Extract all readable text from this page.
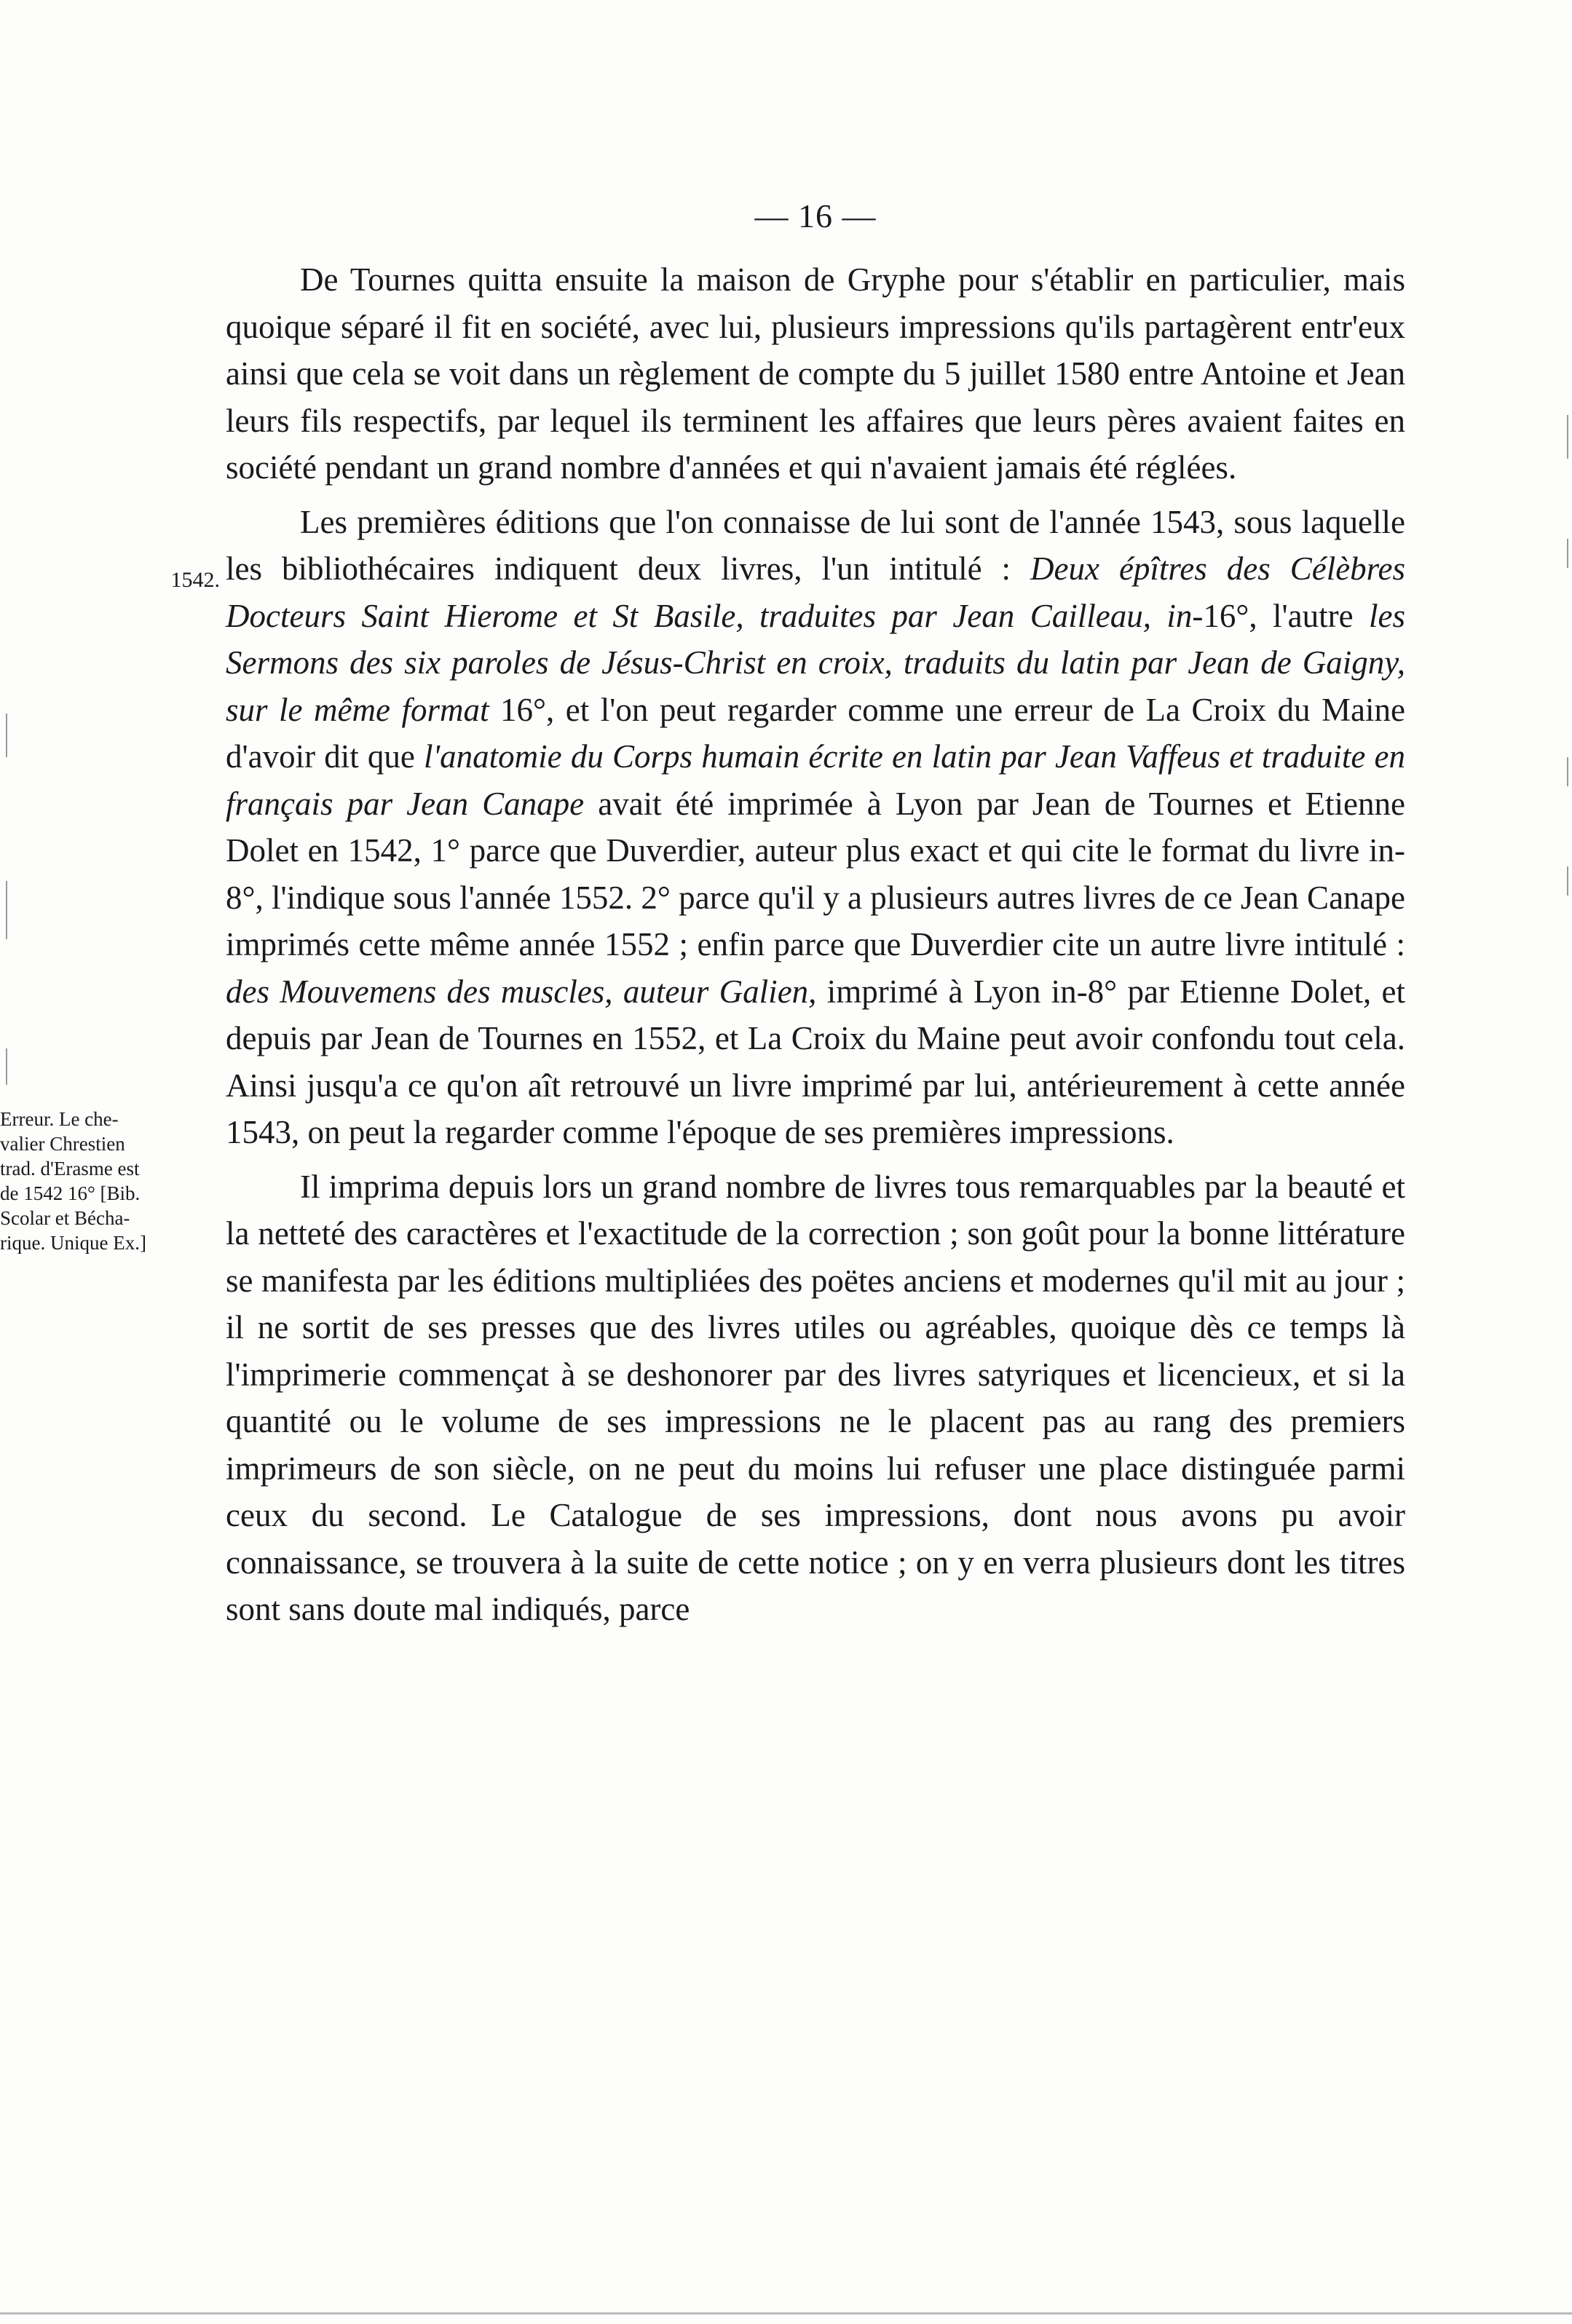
— 16 —
1542.
Erreur. Le che-
valier Chrestien
trad. d'Erasme est
de 1542 16° [Bib.
Scolar et Bécha-
rique. Unique Ex.]

De Tournes quitta ensuite la maison de Gryphe pour s'établir en particulier, mais quoique séparé il fit en société, avec lui, plusieurs impressions qu'ils partagèrent entr'eux ainsi que cela se voit dans un règlement de compte du 5 juillet 1580 entre Antoine et Jean leurs fils respectifs, par lequel ils terminent les affaires que leurs pères avaient faites en société pendant un grand nombre d'années et qui n'avaient jamais été réglées.

Les premières éditions que l'on connaisse de lui sont de l'année 1543, sous laquelle les bibliothécaires indiquent deux livres, l'un intitulé : Deux épîtres des Célèbres Docteurs Saint Hierome et St Basile, traduites par Jean Cailleau, in-16°, l'autre les Sermons des six paroles de Jésus-Christ en croix, traduits du latin par Jean de Gaigny, sur le même format 16°, et l'on peut regarder comme une erreur de La Croix du Maine d'avoir dit que l'anatomie du Corps humain écrite en latin par Jean Vaffeus et traduite en français par Jean Canape avait été imprimée à Lyon par Jean de Tournes et Etienne Dolet en 1542, 1° parce que Duverdier, auteur plus exact et qui cite le format du livre in-8°, l'indique sous l'année 1552. 2° parce qu'il y a plusieurs autres livres de ce Jean Canape imprimés cette même année 1552 ; enfin parce que Duverdier cite un autre livre intitulé : des Mouvemens des muscles, auteur Galien, imprimé à Lyon in-8° par Etienne Dolet, et depuis par Jean de Tournes en 1552, et La Croix du Maine peut avoir confondu tout cela. Ainsi jusqu'a ce qu'on aît retrouvé un livre imprimé par lui, antérieurement à cette année 1543, on peut la regarder comme l'époque de ses premières impressions.

Il imprima depuis lors un grand nombre de livres tous remarquables par la beauté et la netteté des caractères et l'exactitude de la correction ; son goût pour la bonne littérature se manifesta par les éditions multipliées des poëtes anciens et modernes qu'il mit au jour ; il ne sortit de ses presses que des livres utiles ou agréables, quoique dès ce temps là l'imprimerie commençat à se deshonorer par des livres satyriques et licencieux, et si la quantité ou le volume de ses impressions ne le placent pas au rang des premiers imprimeurs de son siècle, on ne peut du moins lui refuser une place distinguée parmi ceux du second. Le Catalogue de ses impressions, dont nous avons pu avoir connaissance, se trouvera à la suite de cette notice ; on y en verra plusieurs dont les titres sont sans doute mal indiqués, parce
